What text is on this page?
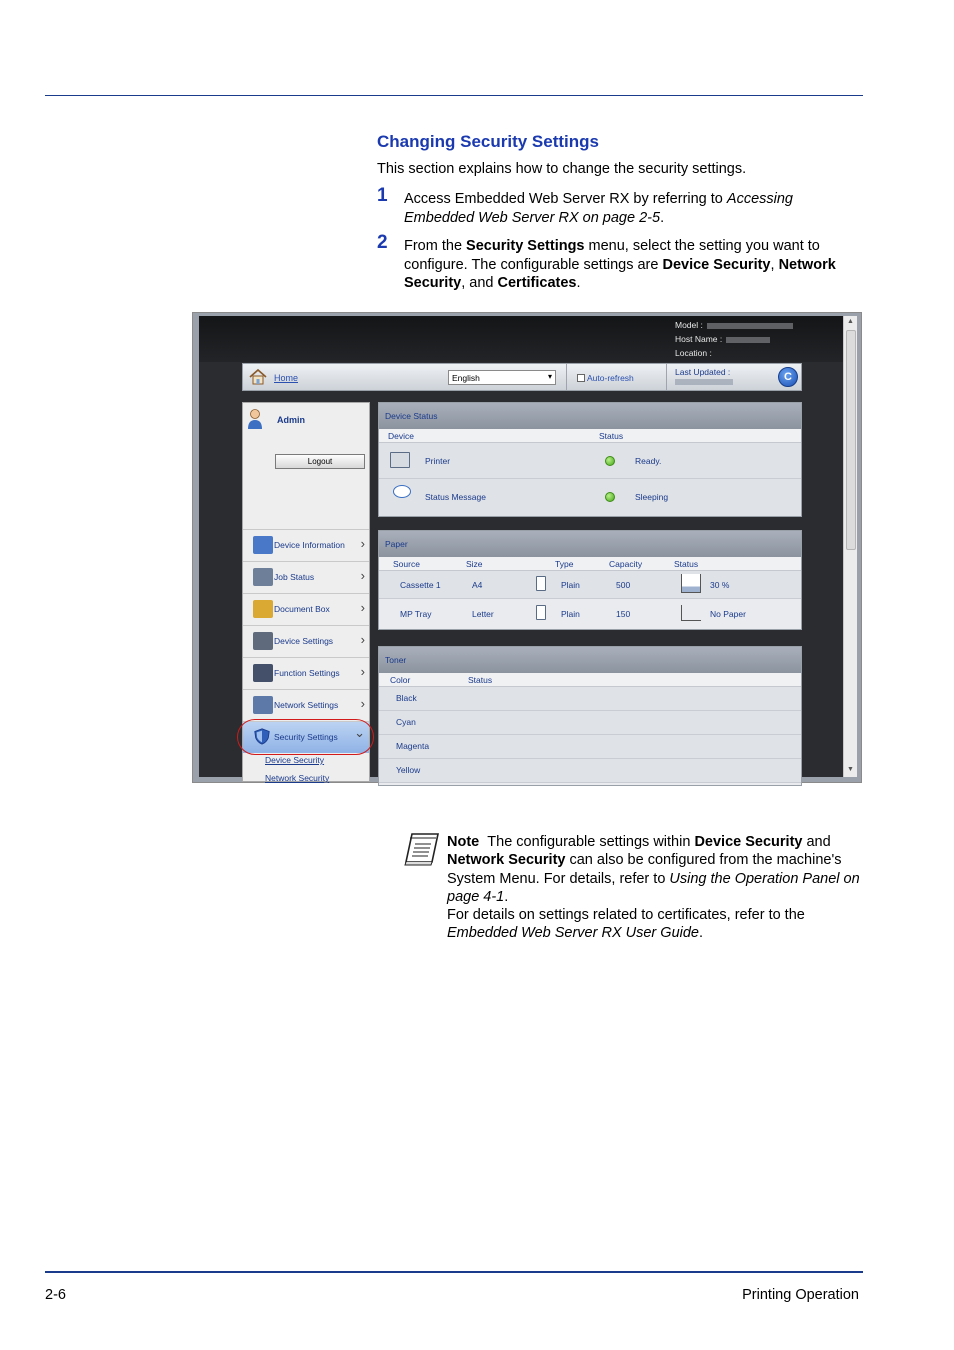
Changing Security Settings
This section explains how to change the security settings.
1 Access Embedded Web Server RX by referring to Accessing Embedded Web Server RX on page 2-5.
2 From the Security Settings menu, select the setting you want to configure. The configurable settings are Device Security, Network Security, and Certificates.
Model :
Host Name :
Location :
Home	English	▾	Auto-refresh
Last Updated :	C
Admin
Logout
Device Information ›
Job Status	›
Document Box ›
Device Settings ›
Function Settings ›
Network Settings ›
Security Settings ⌄
Device Security
Network Security
Device Status
Device	Status
Printer	Ready.
Status Message	Sleeping
Paper
Source	Size	Type	Capacity	Status
Cassette 1	A4	Plain	500	30 %
MP Tray	Letter	Plain	150	No Paper
Toner
Color	Status
Black
Cyan
Magenta
Yellow
▲
▼
Note The configurable settings within Device Security and Network Security can also be configured from the machine's System Menu. For details, refer to Using the Operation Panel on page 4-1.
For details on settings related to certificates, refer to the Embedded Web Server RX User Guide.
2-6	Printing Operation
